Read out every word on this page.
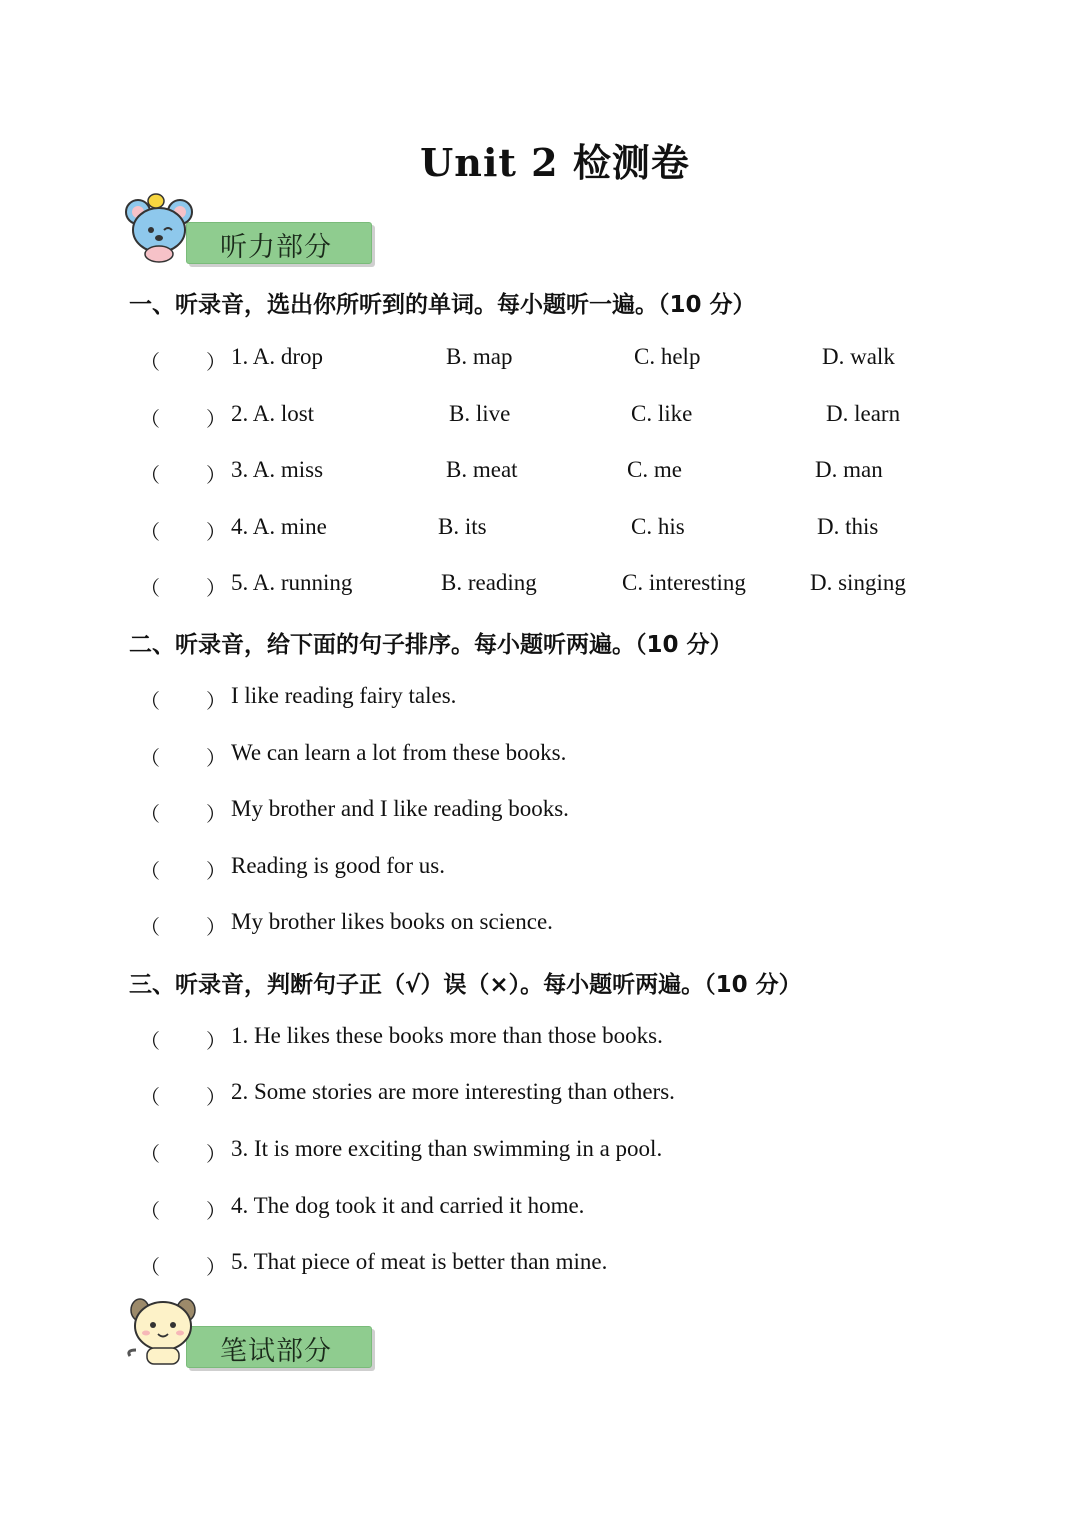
Unit 2 检测卷
听力部分
一、听录音，选出你所听到的单词。每小题听一遍。（10 分）
（ ） 1. A. drop	B. map	C. help	D. walk
（ ） 2. A. lost	B. live	C. like	D. learn
（ ） 3. A. miss	B. meat	C. me	D. man
（ ） 4. A. mine	B. its	C. his	D. this
（ ） 5. A. running	B. reading	C. interesting	D. singing
二、听录音，给下面的句子排序。每小题听两遍。（10 分）
（ ） I like reading fairy tales.
（ ） We can learn a lot from these books.
（ ） My brother and I like reading books.
（ ） Reading is good for us.
（ ） My brother likes books on science.
三、听录音，判断句子正（√）误（×）。每小题听两遍。（10 分）
（ ） 1. He likes these books more than those books.
（ ） 2. Some stories are more interesting than others.
（ ） 3. It is more exciting than swimming in a pool.
（ ） 4. The dog took it and carried it home.
（ ） 5. That piece of meat is better than mine.
笔试部分
